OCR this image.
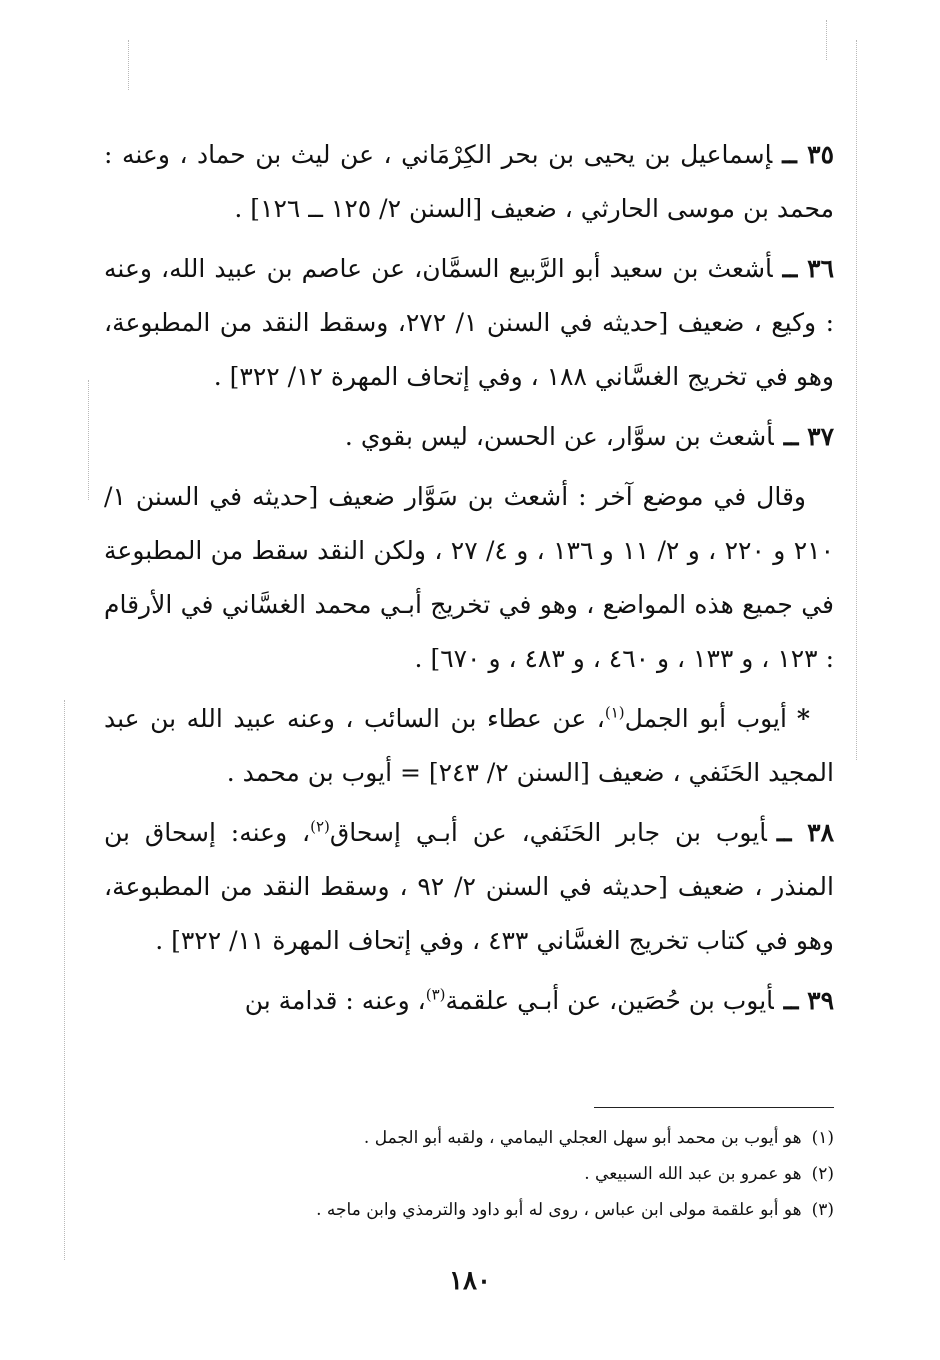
٣٥ ــإسماعيل بن يحيى بن بحر الكِرْمَاني ، عن ليث بن حماد ، وعنه : محمد بن موسى الحارثي ، ضعيف [السنن ٢/ ١٢٥ ــ ١٢٦] .

٣٦ ــأشعث بن سعيد أبو الرَّبيع السمَّان، عن عاصم بن عبيد الله، وعنه : وكيع ، ضعيف [حديثه في السنن ١/ ٢٧٢، وسقط النقد من المطبوعة، وهو في تخريج الغسَّاني ١٨٨ ، وفي إتحاف المهرة ١٢/ ٣٢٢] .

٣٧ ــأشعث بن سوَّار، عن الحسن، ليس بقوي .

وقال في موضع آخر : أشعث بن سَوَّار ضعيف [حديثه في السنن ١/ ٢١٠ و ٢٢٠ ، و ٢/ ١١ و ١٣٦ ، و ٤/ ٢٧ ، ولكن النقد سقط من المطبوعة في جميع هذه المواضع ، وهو في تخريج أبـي محمد الغسَّاني في الأرقام : ١٢٣ ، و ١٣٣ ، و ٤٦٠ ، و ٤٨٣ ، و ٦٧٠] .

*أيوب أبو الجمل$^{(١)}$، عن عطاء بن السائب ، وعنه عبيد الله بن عبد المجيد الحَنَفي ، ضعيف [السنن ٢/ ٢٤٣] = أيوب بن محمد .

٣٨ ــأيوب بن جابر الحَنَفي، عن أبـي إسحاق$^{(٢)}$، وعنه: إسحاق بن المنذر ، ضعيف [حديثه في السنن ٢/ ٩٢ ، وسقط النقد من المطبوعة، وهو في كتاب تخريج الغسَّاني ٤٣٣ ، وفي إتحاف المهرة ١١/ ٣٢٢] .

٣٩ ــأيوب بن حُصَين، عن أبـي علقمة$^{(٣)}$، وعنه : قدامة بن

(١)هو أيوب بن محمد أبو سهل العجلي اليمامي ، ولقبه أبو الجمل .

(٢)هو عمرو بن عبد الله السبيعي .

(٣)هو أبو علقمة مولى ابن عباس ، روى له أبو داود والترمذي وابن ماجه .

١٨٠
